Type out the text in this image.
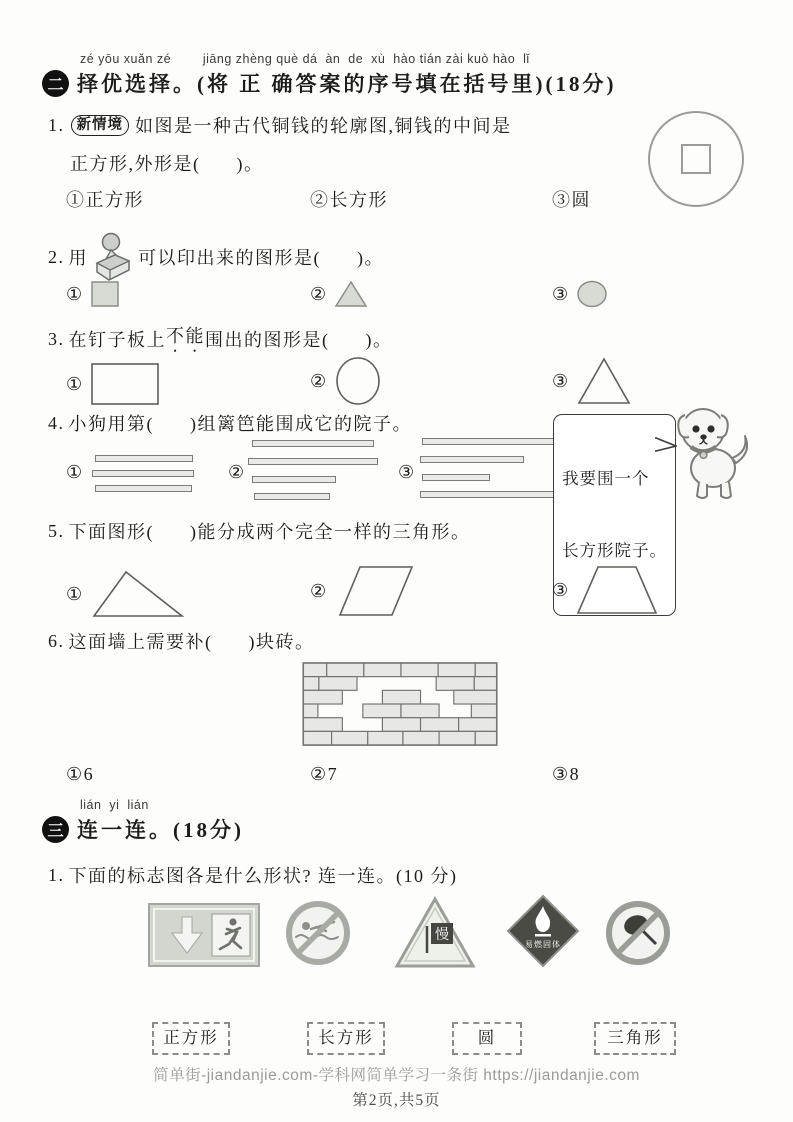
zé yōu xuǎn zé        jiāng zhèng què dá  àn  de  xù  hào tián zài kuò hào  lǐ
二 择优选择。(将 正 确答案的序号填在括号里)(18分)
1. 新情境 如图是一种古代铜钱的轮廓图,铜钱的中间是
正方形,外形是(      )。
①正方形	②长方形	③圆
2. 用	可以印出来的图形是(      )。
①	②	③
3. 在钉子板上 不能 围出的图形是(      )。
①	②	③
4. 小狗用第(      )组篱笆能围成它的院子。
①	②	③

	我要围一个

长方形院子。

5. 下面图形(      )能分成两个完全一样的三角形。
①	②	③
6. 这面墙上需要补(      )块砖。
①6	②7	③8
lián  yi  lián
三 连一连。(18分)
1. 下面的标志图各是什么形状? 连一连。(10 分)
慢
易燃固体
正方形	长方形	圆	三角形
简单街-jiandanjie.com-学科网简单学习一条街 https://jiandanjie.com
第2页,共5页
